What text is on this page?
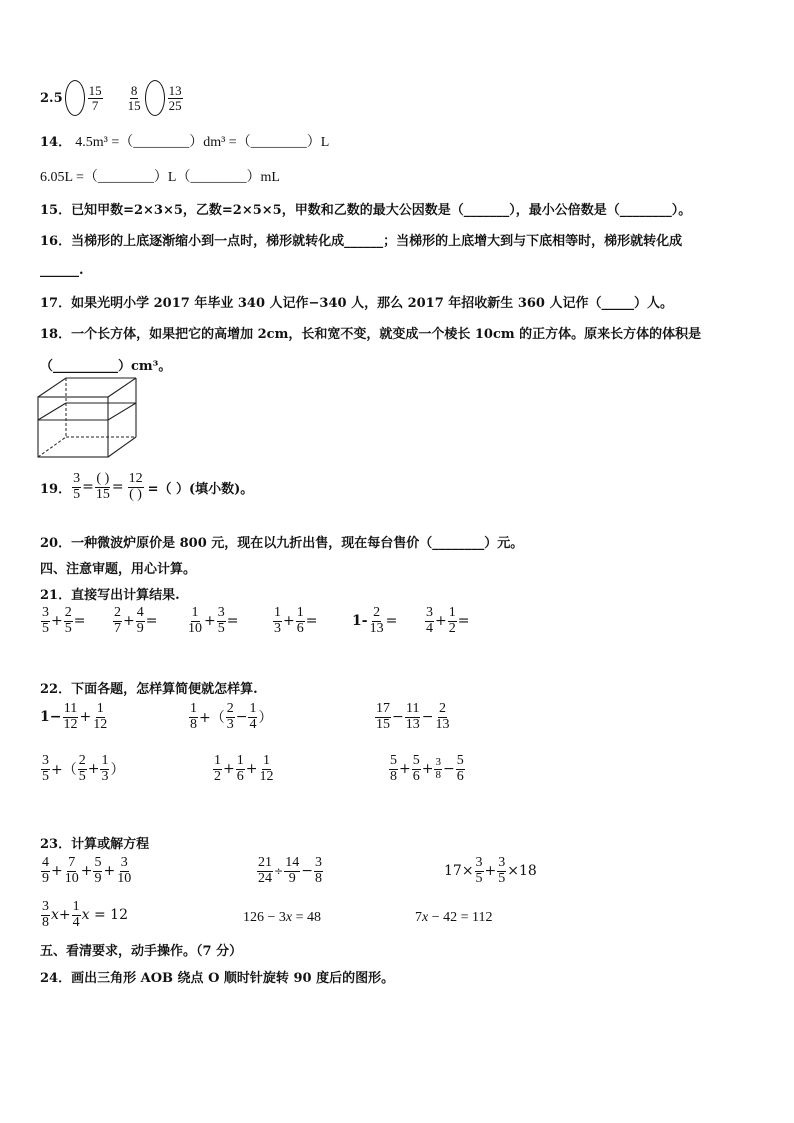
$2.5 \frac{15}{7} \frac{8}{15} \frac{13}{25}$
14． 4.5m³ =（________）dm³ =（________）L
6.05L =（________）L（________）mL
15．已知甲数=2×3×5，乙数=2×5×5，甲数和乙数的最大公因数是（_______），最小公倍数是（________）。
16．当梯形的上底逐渐缩小到一点时，梯形就转化成______；当梯形的上底增大到与下底相等时，梯形就转化成
______.
17．如果光明小学 2017 年毕业 340 人记作−340 人，那么 2017 年招收新生 360 人记作（_____）人。
18．一个长方体，如果把它的高增加 2cm，长和宽不变，就变成一个棱长 10cm 的正方体。原来长方体的体积是
（__________）cm³。
19． $\frac{3}{5} = \frac{( )}{15} = \frac{12}{( )}$ =（ ）(填小数)。
20．一种微波炉原价是 800 元，现在以九折出售，现在每台售价（________）元。
四、注意审题，用心计算。
21．直接写出计算结果.
$\frac{3}{5} + \frac{2}{5} = \frac{2}{7} + \frac{4}{9} = \frac{1}{10} + \frac{3}{5} = \frac{1}{3} + \frac{1}{6} = 1- \frac{2}{13} = \frac{3}{4} + \frac{1}{2}$ =
22．下面各题，怎样算简便就怎样算.
$1- \frac{11}{12} + \frac{1}{12}$	$\frac{1}{8}$ +（ $\frac{2}{3} - \frac{1}{4}$ ）	$\frac{17}{15} - \frac{11}{13} - \frac{2}{13}$
$\frac{3}{5}$ +（ $\frac{2}{5} + \frac{1}{3}$ ）	$\frac{1}{2} + \frac{1}{6} + \frac{1}{12}$	$\frac{5}{8} + \frac{5}{6} + \frac{3}{8} - \frac{5}{6}$
23．计算或解方程
$\frac{4}{9} + \frac{7}{10} + \frac{5}{9} + \frac{3}{10}$	$\frac{21}{24} \div \frac{14}{9} - \frac{3}{8}$	$17\times \frac{3}{5} + \frac{3}{5} \times 18$
$\frac{3}{8}$ $x + \frac{1}{4}$ x = 12	126 − 3x = 48	7x − 42 = 112
五、看清要求，动手操作。（7 分）
24．画出三角形 AOB 绕点 O 顺时针旋转 90 度后的图形。
